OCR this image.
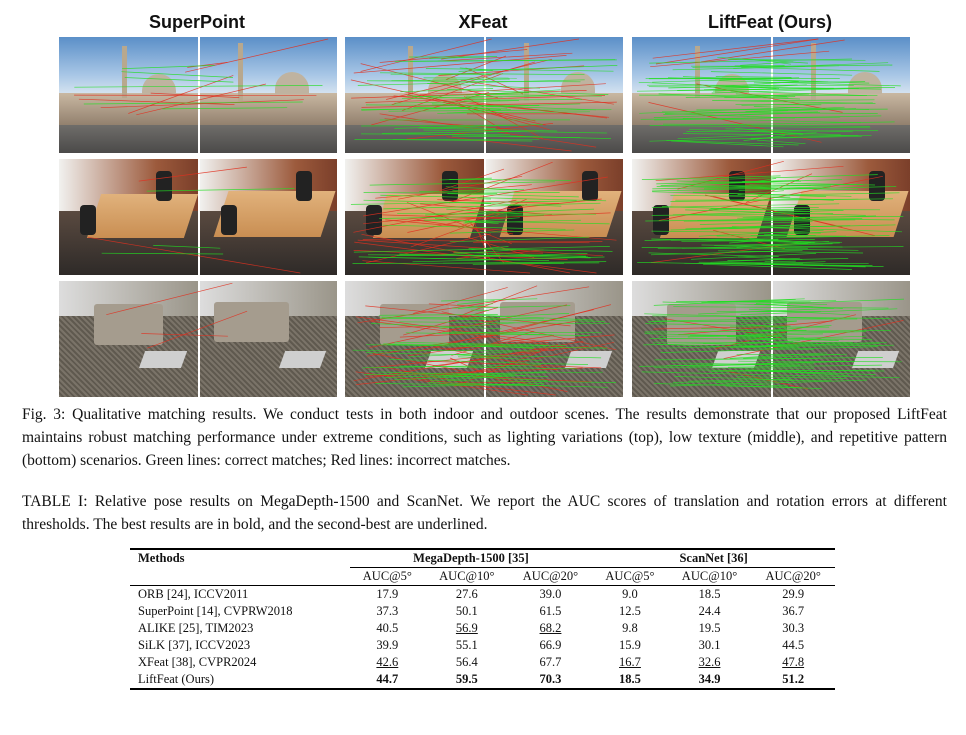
SuperPoint	XFeat	LiftFeat (Ours)
Fig. 3: Qualitative matching results. We conduct tests in both indoor and outdoor scenes. The results demonstrate that our proposed LiftFeat maintains robust matching performance under extreme conditions, such as lighting variations (top), low texture (middle), and repetitive pattern (bottom) scenarios. Green lines: correct matches; Red lines: incorrect matches.
TABLE I: Relative pose results on MegaDepth-1500 and ScanNet. We report the AUC scores of translation and rotation errors at different thresholds. The best results are in bold, and the second-best are underlined.
Methods	MegaDepth-1500 [35]			ScanNet [36]		
	AUC@5°	AUC@10°	AUC@20°	AUC@5°	AUC@10°	AUC@20°
ORB [24], ICCV2011	17.9	27.6	39.0	9.0	18.5	29.9
SuperPoint [14], CVPRW2018	37.3	50.1	61.5	12.5	24.4	36.7
ALIKE [25], TIM2023	40.5	56.9	68.2	9.8	19.5	30.3
SiLK [37], ICCV2023	39.9	55.1	66.9	15.9	30.1	44.5
XFeat [38], CVPR2024	42.6	56.4	67.7	16.7	32.6	47.8
LiftFeat (Ours)	44.7	59.5	70.3	18.5	34.9	51.2
